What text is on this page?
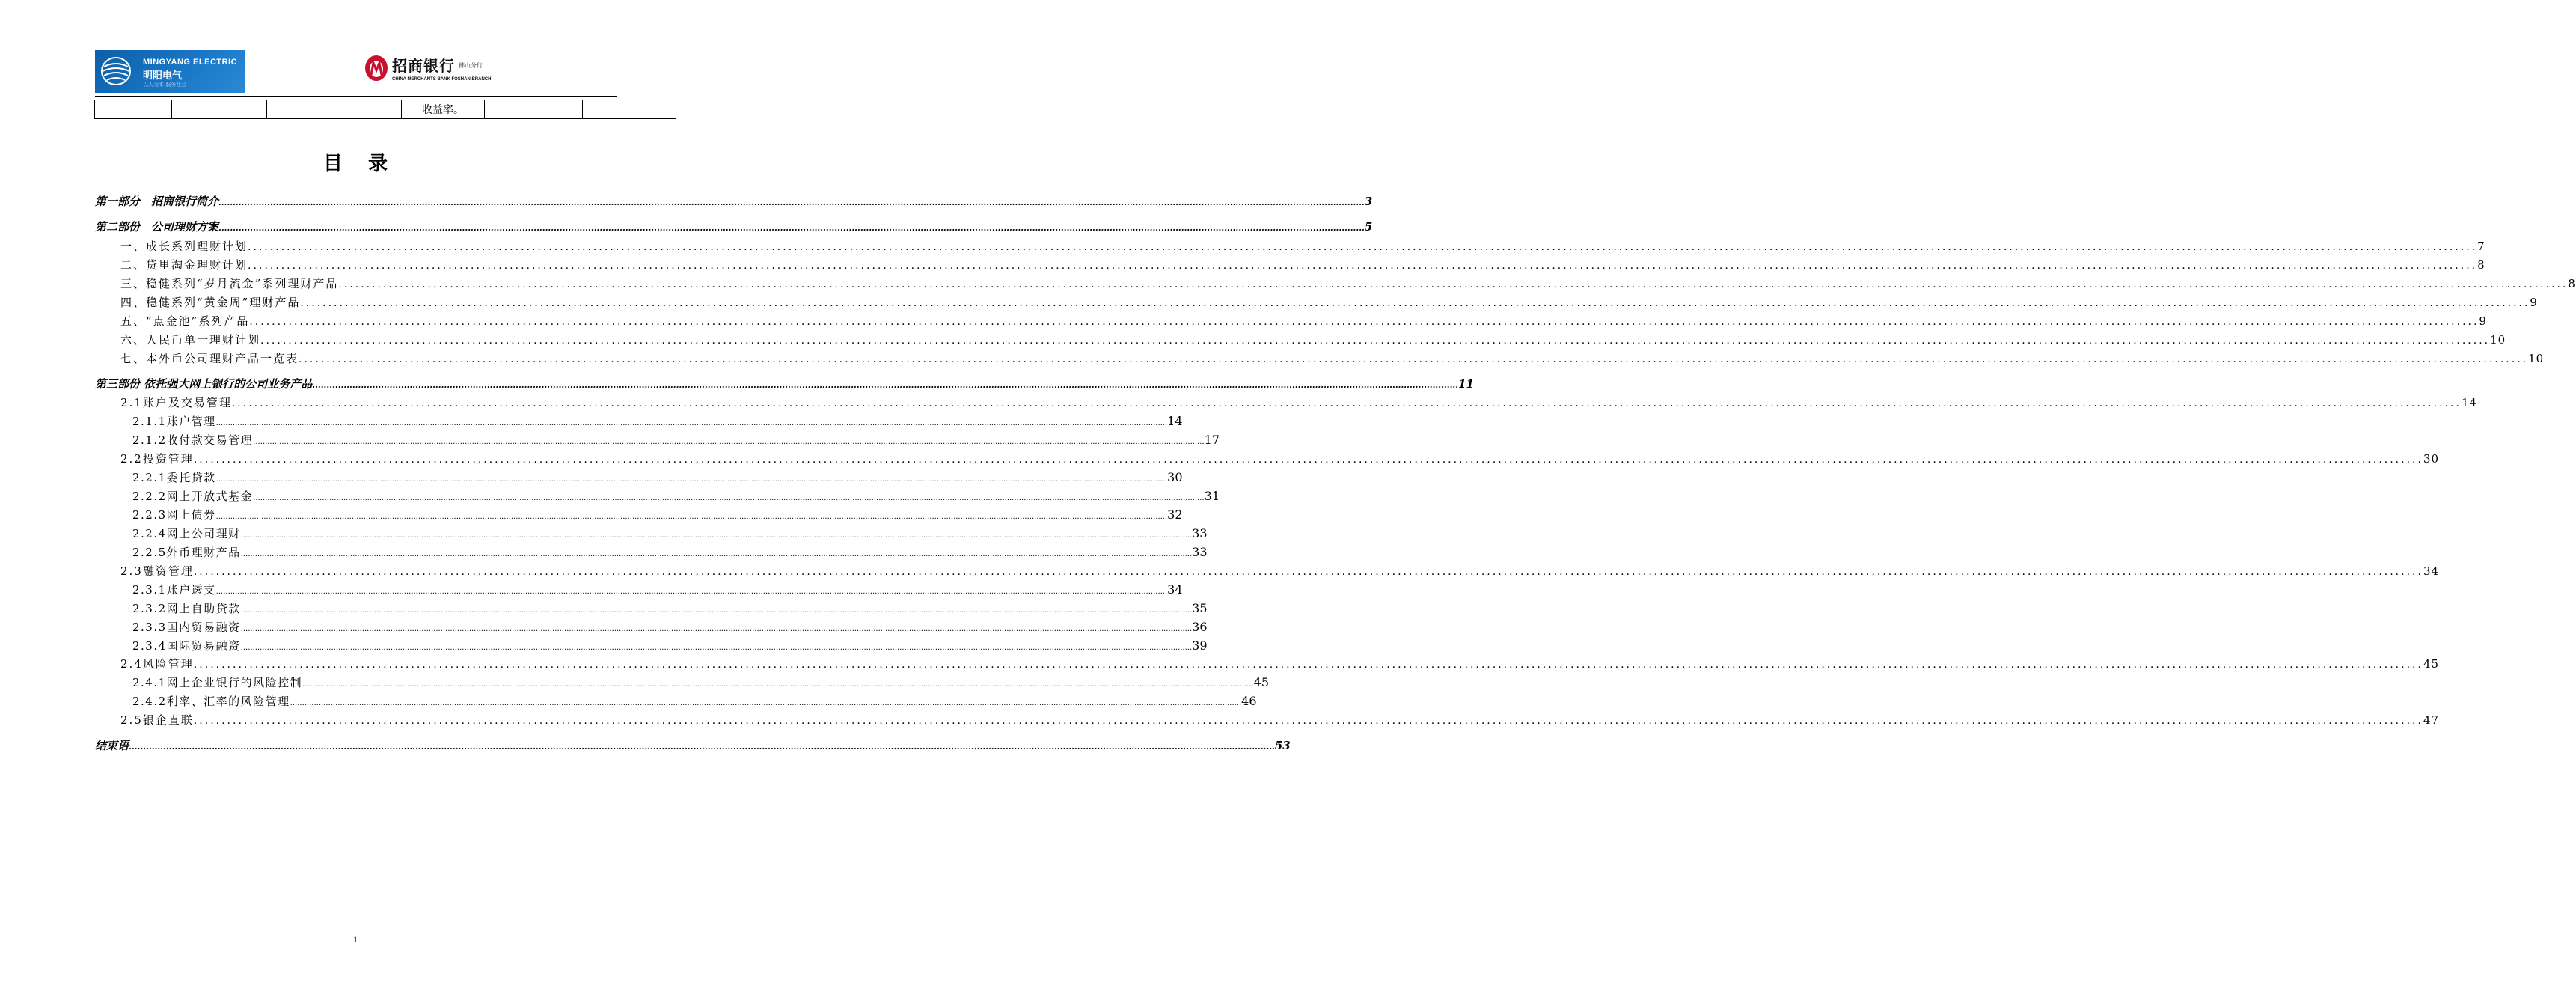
MINGYANG ELECTRIC
明阳电气
以人为本 服务社会
招商银行 佛山分行
CHINA MERCHANTS BANK FOSHAN BRANCH
				收益率。		
目录
第一部分　招商银行简介 ................................................................................................................................................................................................................................................................................................................................................................................................................ 3
第二部份　公司理财方案 ................................................................................................................................................................................................................................................................................................................................................................................................................ 5
一、成长系列理财计划 ................................................................................................................................................................................................................................................................................................................................................................................................................ 7
二、贷里淘金理财计划 ................................................................................................................................................................................................................................................................................................................................................................................................................ 8
三、稳健系列“岁月流金”系列理财产品 ................................................................................................................................................................................................................................................................................................................................................................................................................ 8
四、稳健系列“黄金周”理财产品 ................................................................................................................................................................................................................................................................................................................................................................................................................ 9
五、“点金池”系列产品 ................................................................................................................................................................................................................................................................................................................................................................................................................ 9
六、人民币单一理财计划 ................................................................................................................................................................................................................................................................................................................................................................................................................ 10
七、本外币公司理财产品一览表 ................................................................................................................................................................................................................................................................................................................................................................................................................ 10
第三部份 依托强大网上银行的公司业务产品 ................................................................................................................................................................................................................................................................................................................................................................................................................ 11
2.1账户及交易管理 ................................................................................................................................................................................................................................................................................................................................................................................................................ 14
2.1.1账户管理 ................................................................................................................................................................................................................................................................................................................................................................................................................ 14
2.1.2收付款交易管理 ................................................................................................................................................................................................................................................................................................................................................................................................................ 17
2.2投资管理 ................................................................................................................................................................................................................................................................................................................................................................................................................ 30
2.2.1委托贷款 ................................................................................................................................................................................................................................................................................................................................................................................................................ 30
2.2.2网上开放式基金 ................................................................................................................................................................................................................................................................................................................................................................................................................ 31
2.2.3网上债券 ................................................................................................................................................................................................................................................................................................................................................................................................................ 32
2.2.4网上公司理财 ................................................................................................................................................................................................................................................................................................................................................................................................................ 33
2.2.5外币理财产品 ................................................................................................................................................................................................................................................................................................................................................................................................................ 33
2.3融资管理 ................................................................................................................................................................................................................................................................................................................................................................................................................ 34
2.3.1账户透支 ................................................................................................................................................................................................................................................................................................................................................................................................................ 34
2.3.2网上自助贷款 ................................................................................................................................................................................................................................................................................................................................................................................................................ 35
2.3.3国内贸易融资 ................................................................................................................................................................................................................................................................................................................................................................................................................ 36
2.3.4国际贸易融资 ................................................................................................................................................................................................................................................................................................................................................................................................................ 39
2.4风险管理 ................................................................................................................................................................................................................................................................................................................................................................................................................ 45
2.4.1网上企业银行的风险控制 ................................................................................................................................................................................................................................................................................................................................................................................................................ 45
2.4.2利率、汇率的风险管理 ................................................................................................................................................................................................................................................................................................................................................................................................................ 46
2.5银企直联 ................................................................................................................................................................................................................................................................................................................................................................................................................ 47
结束语 ................................................................................................................................................................................................................................................................................................................................................................................................................ 53
1
